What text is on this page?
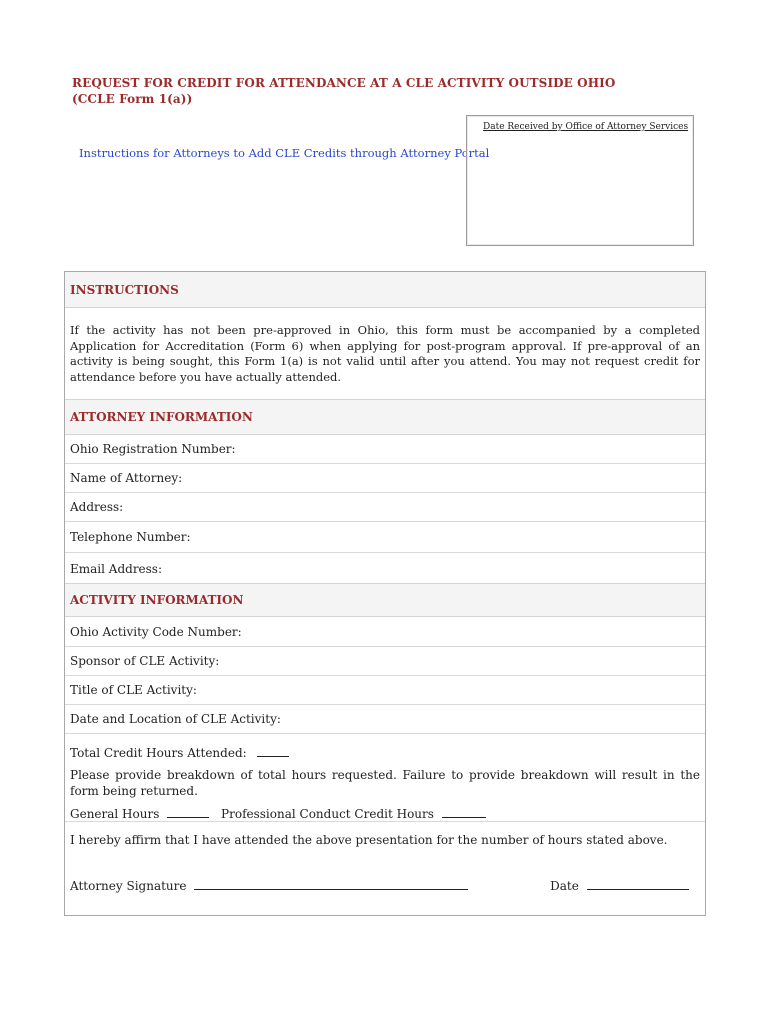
REQUEST FOR CREDIT FOR ATTENDANCE AT A CLE ACTIVITY OUTSIDE OHIO
(CCLE Form 1(a))
Instructions for Attorneys to Add CLE Credits through Attorney Portal
Date Received by Office of Attorney Services
INSTRUCTIONS
If the activity has not been pre-approved in Ohio, this form must be accompanied by a completed Application for Accreditation (Form 6) when applying for post-program approval. If pre-approval of an activity is being sought, this Form 1(a) is not valid until after you attend. You may not request credit for attendance before you have actually attended.
ATTORNEY INFORMATION
Ohio Registration Number:
Name of Attorney:
Address:
Telephone Number:
Email Address:
ACTIVITY INFORMATION
Ohio Activity Code Number:
Sponsor of CLE Activity:
Title of CLE Activity:
Date and Location of CLE Activity:
Total Credit Hours Attended:
Please provide breakdown of total hours requested. Failure to provide breakdown will result in the form being returned.
General Hours	Professional Conduct Credit Hours
I hereby affirm that I have attended the above presentation for the number of hours stated above.
Attorney Signature	Date
